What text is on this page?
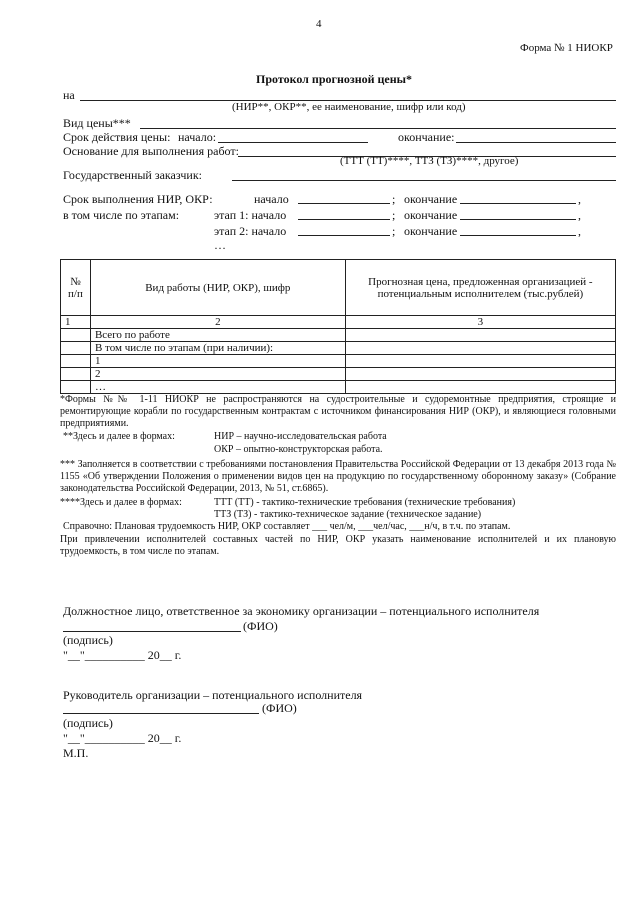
4
Форма № 1 НИОКР
Протокол прогнозной цены*
на
(НИР**, ОКР**, ее наименование, шифр или код)
Вид цены***
Срок действия цены: начало:	окончание:
Основание для выполнения работ:
(ТТТ (ТТ)****, ТТЗ (ТЗ)****, другое)
Государственный заказчик:
Срок выполнения НИР, ОКР:	начало	; окончание	,
в том числе по этапам:	этап 1: начало	; окончание	,
этап 2: начало	; окончание	,
…
№ п/п	Вид работы (НИР, ОКР), шифр	Прогнозная цена, предложенная организацией - потенциальным исполнителем (тыс.рублей)
1	2	3
	Всего по работе	
	В том числе по этапам (при наличии):	
	1	
	2	
	…	
*Формы №№ 1-11 НИОКР не распространяются на судостроительные и судоремонтные предприятия, строящие и ремонтирующие корабли по государственным контрактам с источником финансирования НИР (ОКР), и являющиеся головными предприятиями.
**Здесь и далее в формах:	НИР – научно-исследовательская работа
ОКР – опытно-конструкторская работа.
*** Заполняется в соответствии с требованиями постановления Правительства Российской Федерации от 13 декабря 2013 года № 1155 «Об утверждении Положения о применении видов цен на продукцию по государственному оборонному заказу» (Собрание законодательства Российской Федерации, 2013, № 51, ст.6865).
****Здесь и далее в формах:	ТТТ (ТТ) - тактико-технические требования (технические требования)
ТТЗ (ТЗ) - тактико-техническое задание (техническое задание)
Справочно: Плановая трудоемкость НИР, ОКР составляет ___ чел/м, ___чел/час, ___н/ч, в т.ч. по этапам.
При привлечении исполнителей составных частей по НИР, ОКР указать наименование исполнителей и их плановую трудоемкость, в том числе по этапам.
Должностное лицо, ответственное за экономику организации – потенциального исполнителя
(ФИО)
(подпись)
"__"__________ 20__ г.
Руководитель организации – потенциального исполнителя
(ФИО)
(подпись)
"__"__________ 20__ г.
М.П.
